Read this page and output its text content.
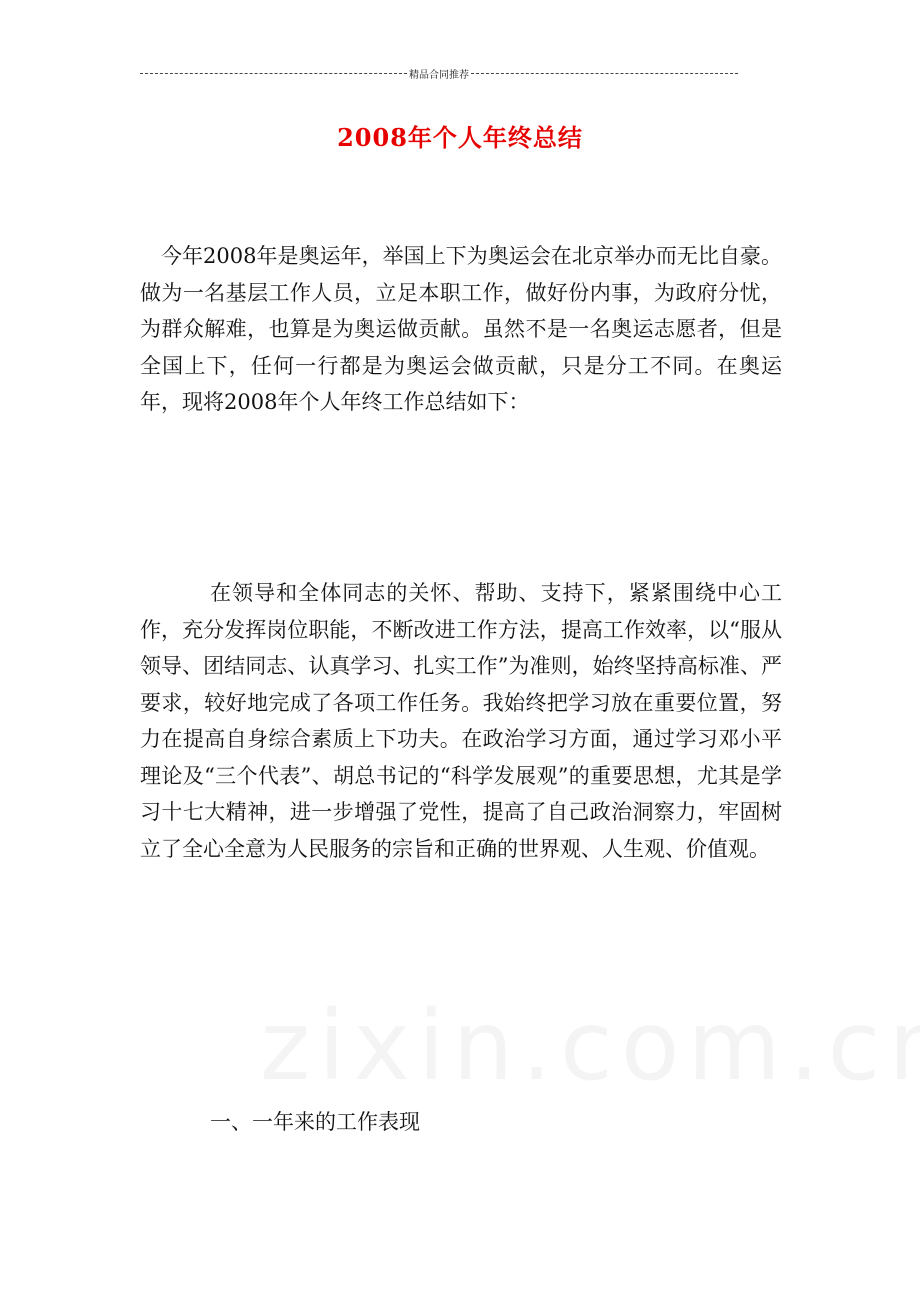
精品合同推荐
2008年个人年终总结

今年2008年是奥运年，举国上下为奥运会在北京举办而无比自豪。做为一名基层工作人员，立足本职工作，做好份内事，为政府分忧，为群众解难，也算是为奥运做贡献。虽然不是一名奥运志愿者，但是全国上下，任何一行都是为奥运会做贡献，只是分工不同。在奥运年，现将2008年个人年终工作总结如下：

在领导和全体同志的关怀、帮助、支持下，紧紧围绕中心工作，充分发挥岗位职能，不断改进工作方法，提高工作效率，以“服从领导、团结同志、认真学习、扎实工作”为准则，始终坚持高标准、严要求，较好地完成了各项工作任务。我始终把学习放在重要位置，努力在提高自身综合素质上下功夫。在政治学习方面，通过学习邓小平理论及“三个代表”、胡总书记的“科学发展观”的重要思想，尤其是学习十七大精神，进一步增强了党性，提高了自己政治洞察力，牢固树立了全心全意为人民服务的宗旨和正确的世界观、人生观、价值观。

一、一年来的工作表现
